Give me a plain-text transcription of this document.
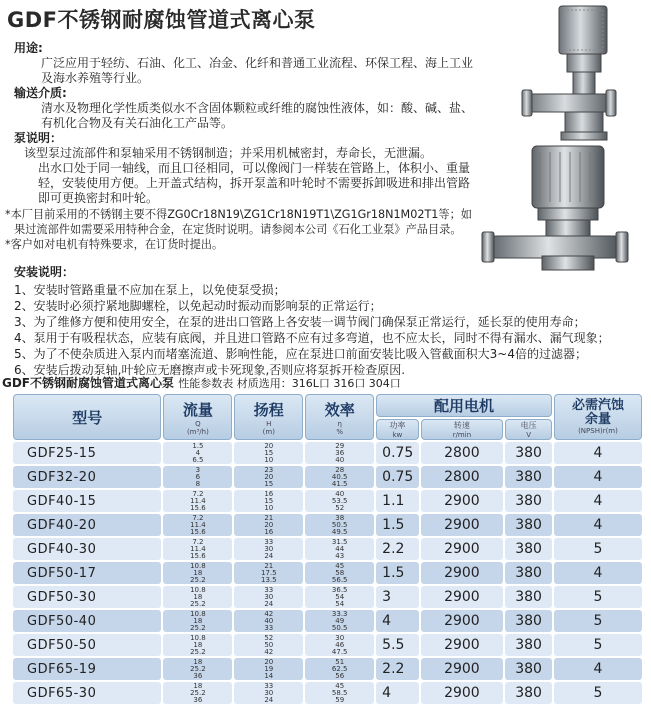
GDF不锈钢耐腐蚀管道式离心泵
用途:
广泛应用于轻纺、石油、化工、冶金、化纤和普通工业流程、环保工程、海上工业
及海水养殖等行业。
输送介质:
清水及物理化学性质类似水不含固体颗粒或纤维的腐蚀性液体，如：酸、碱、盐、
有机化合物及有关石油化工产品等。
泵说明：
该型泵过流部件和泵轴采用不锈钢制造；并采用机械密封，寿命长，无泄漏。
出水口处于同一轴线，而且口径相同，可以像阀门一样装在管路上，体积小、重量
轻，安装使用方便。上开盖式结构，拆开泵盖和叶轮时不需要拆卸吸进和排出管路
即可更换密封和叶轮。
*本厂目前采用的不锈钢主要不得ZG0Cr18N19\ZG1Cr18N19T1\ZG1Gr18N1M02T1等；如
果过流部件如需要采用特种合金，在定货时说明。请参阅本公司《石化工业泵》产品目录。
*客户如对电机有特殊要求，在订货时提出。
安装说明：
1、安装时管路重量不应加在泵上，以免使泵受损；
2、安装时必须拧紧地脚螺栓，以免起动时振动而影响泵的正常运行；
3、为了维修方便和使用安全，在泵的进出口管路上各安装一调节阀门确保泵正常运行，延长泵的使用寿命；
4、泵用于有吸程状态，应装有底阀，并且进口管路不应有过多弯道，也不应太长，同时不得有漏水、漏气现象；
5、为了不使杂质进入泵内而堵塞流道、影响性能，应在泵进口前面安装比吸入管截面积大3~4倍的过滤器；
6、安装后拨动泵轴,叶轮应无磨擦声或卡死现象,否则应将泵拆开检查原因.
GDF不锈钢耐腐蚀管道式离心泵 性能参数表 材质选用：316L口 316口 304口
型号	流量
Q
(m³/h)	扬程
H
(m)	效率
η
%	配用电机			必需汽蚀
余量
(NPSH)r(m)

				功率
kw	转速
r/min	电压
V	

GDF25-15	1.5
4
6.5	20
15
10	29
36
40	0.75	2800	380	4
GDF32-20	3
6
8	23
20
15	28
40.5
41.5	0.75	2800	380	4
GDF40-15	7.2
11.4
15.6	16
15
10	40
53.5
52	1.1	2900	380	4
GDF40-20	7.2
11.4
15.6	21
20
16	38
50.5
49.5	1.5	2900	380	4
GDF40-30	7.2
11.4
15.6	33
30
24	31.5
44
43	2.2	2900	380	5
GDF50-17	10.8
18
25.2	21
17.5
13.5	45
58
56.5	1.5	2900	380	4
GDF50-30	10.8
18
25.2	33
30
24	36.5
54
54	3	2900	380	5
GDF50-40	10.8
18
25.2	42
40
33	33.3
49
50.5	4	2900	380	5
GDF50-50	10.8
18
25.2	52
50
42	30
46
47.5	5.5	2900	380	5
GDF65-19	18
25.2
36	20
19
14	51
62.5
56	2.2	2900	380	4
GDF65-30	18
25.2
36	33
30
24	45
58.5
59	4	2900	380	5
